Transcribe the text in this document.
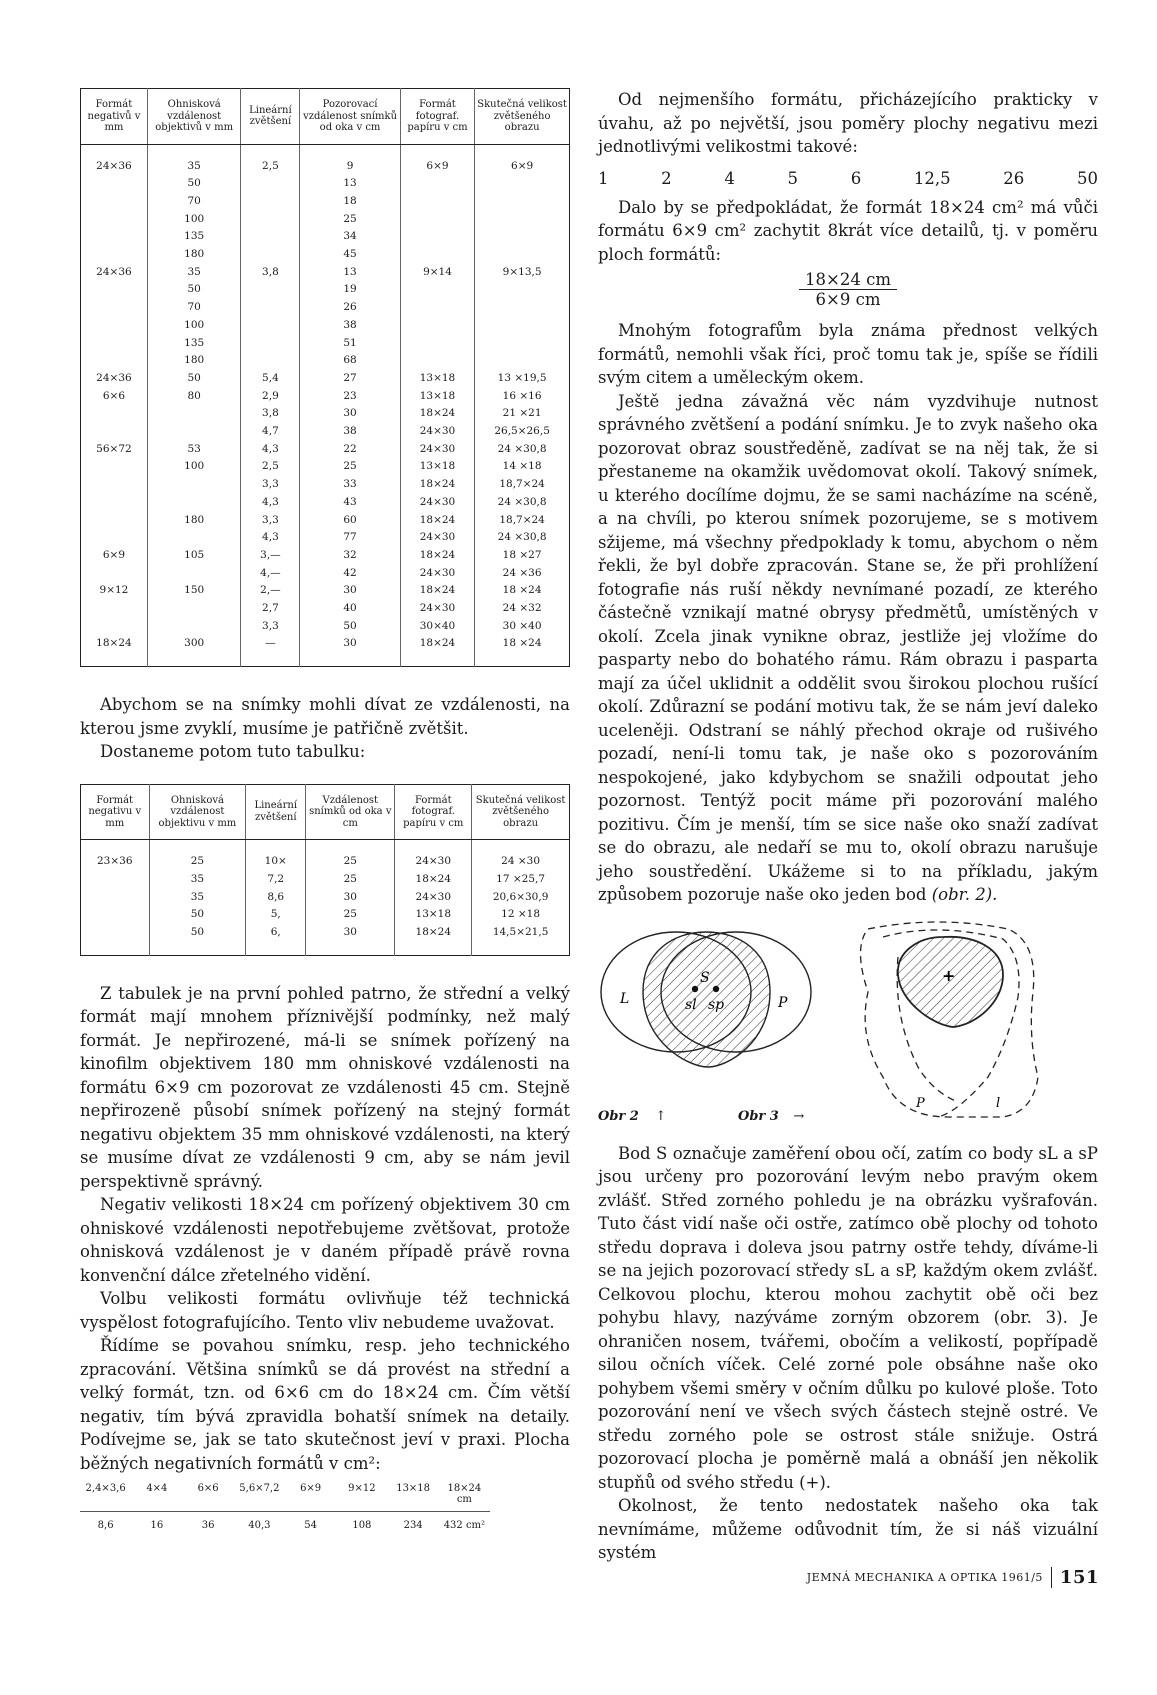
Formát negativů v mm	Ohnisková vzdálenost objektivů v mm	Lineární zvětšení	Pozorovací vzdálenost snímků od oka v cm	Formát fotograf. papíru v cm	Skutečná velikost zvětšeného obrazu

24×36	35	2,5	9	6×9	6×9
	50		13		
	70		18		
	100		25		
	135		34		
	180		45		
24×36	35	3,8	13	9×14	9×13,5
	50		19		
	70		26		
	100		38		
	135		51		
	180		68		
24×36	50	5,4	27	13×18	13 ×19,5
6×6	80	2,9	23	13×18	16 ×16
		3,8	30	18×24	21 ×21
		4,7	38	24×30	26,5×26,5
56×72	53	4,3	22	24×30	24 ×30,8
	100	2,5	25	13×18	14 ×18
		3,3	33	18×24	18,7×24
		4,3	43	24×30	24 ×30,8
	180	3,3	60	18×24	18,7×24
		4,3	77	24×30	24 ×30,8
6×9	105	3,—	32	18×24	18 ×27
		4,—	42	24×30	24 ×36
9×12	150	2,—	30	18×24	18 ×24
		2,7	40	24×30	24 ×32
		3,3	50	30×40	30 ×40
18×24	300	—	30	18×24	18 ×24

Abychom se na snímky mohli dívat ze vzdálenosti, na kterou jsme zvyklí, musíme je patřičně zvětšit.

Dostaneme potom tuto tabulku:

Formát negativu v mm	Ohnisková vzdálenost objektivu v mm	Lineární zvětšení	Vzdálenost snímků od oka v cm	Formát fotograf. papíru v cm	Skutečná velikost zvětšeného obrazu

23×36	25	10×	25	24×30	24 ×30
	35	7,2	25	18×24	17 ×25,7
	35	8,6	30	24×30	20,6×30,9
	50	5,	25	13×18	12 ×18
	50	6,	30	18×24	14,5×21,5

Z tabulek je na první pohled patrno, že střední a velký formát mají mnohem příznivější podmínky, než malý formát. Je nepřirozené, má-li se snímek pořízený na kinofilm objektivem 180 mm ohniskové vzdálenosti na formátu 6×9 cm pozorovat ze vzdálenosti 45 cm. Stejně nepřirozeně působí snímek pořízený na stejný formát negativu objektem 35 mm ohniskové vzdálenosti, na který se musíme dívat ze vzdálenosti 9 cm, aby se nám jevil perspektivně správný.

Negativ velikosti 18×24 cm pořízený objektivem 30 cm ohniskové vzdálenosti nepotřebujeme zvětšovat, protože ohnisková vzdálenost je v daném případě právě rovna konvenční dálce zřetelného vidění.

Volbu velikosti formátu ovlivňuje též technická vyspělost fotografujícího. Tento vliv nebudeme uvažovat.

Řídíme se povahou snímku, resp. jeho technického zpracování. Většina snímků se dá provést na střední a velký formát, tzn. od 6×6 cm do 18×24 cm. Čím větší negativ, tím bývá zpravidla bohatší snímek na detaily. Podívejme se, jak se tato skutečnost jeví v praxi. Plocha běžných negativních formátů v cm²:

2,4×3,6	4×4	6×6	5,6×7,2	6×9	9×12	13×18	18×24 cm
8,6	16	36	40,3	54	108	234	432 cm²

Od nejmenšího formátu, přicházejícího prakticky v úvahu, až po největší, jsou poměry plochy negativu mezi jednotlivými velikostmi takové:

1	2	4	5	6	12,5	26	50

Dalo by se předpokládat, že formát 18×24 cm² má vůči formátu 6×9 cm² zachytit 8krát více detailů, tj. v poměru ploch formátů:

18×24 cm
6×9 cm

Mnohým fotografům byla známa přednost velkých formátů, nemohli však říci, proč tomu tak je, spíše se řídili svým citem a uměleckým okem.

Ještě jedna závažná věc nám vyzdvihuje nutnost správného zvětšení a podání snímku. Je to zvyk našeho oka pozorovat obraz soustředěně, zadívat se na něj tak, že si přestaneme na okamžik uvědomovat okolí. Takový snímek, u kterého docílíme dojmu, že se sami nacházíme na scéně, a na chvíli, po kterou snímek pozorujeme, se s motivem sžijeme, má všechny předpoklady k tomu, abychom o něm řekli, že byl dobře zpracován. Stane se, že při prohlížení fotografie nás ruší někdy nevnímané pozadí, ze kterého částečně vznikají matné obrysy předmětů, umístěných v okolí. Zcela jinak vynikne obraz, jestliže jej vložíme do pasparty nebo do bohatého rámu. Rám obrazu i pasparta mají za účel uklidnit a oddělit svou širokou plochou rušící okolí. Zdůrazní se podání motivu tak, že se nám jeví daleko uceleněji. Odstraní se náhlý přechod okraje od rušivého pozadí, není-li tomu tak, je naše oko s pozorováním nespokojené, jako kdybychom se snažili odpoutat jeho pozornost. Tentýž pocit máme při pozorování malého pozitivu. Čím je menší, tím se sice naše oko snaží zadívat se do obrazu, ale nedaří se mu to, okolí obrazu narušuje jeho soustředění. Ukážeme si to na příkladu, jakým způsobem pozoruje naše oko jeden bod (obr. 2).

S
L	sl sp	P
+
P	l
Obr 2 ↑	Obr 3 →

Bod S označuje zaměření obou očí, zatím co body sL a sP jsou určeny pro pozorování levým nebo pravým okem zvlášť. Střed zorného pohledu je na obrázku vyšrafován. Tuto část vidí naše oči ostře, zatímco obě plochy od tohoto středu doprava i doleva jsou patrny ostře tehdy, díváme-li se na jejich pozorovací středy sL a sP, každým okem zvlášť. Celkovou plochu, kterou mohou zachytit obě oči bez pohybu hlavy, nazýváme zorným obzorem (obr. 3). Je ohraničen nosem, tvářemi, obočím a velikostí, popřípadě silou očních víček. Celé zorné pole obsáhne naše oko pohybem všemi směry v očním důlku po kulové ploše. Toto pozorování není ve všech svých částech stejně ostré. Ve středu zorného pole se ostrost stále snižuje. Ostrá pozorovací plocha je poměrně malá a obnáší jen několik stupňů od svého středu (+).

Okolnost, že tento nedostatek našeho oka tak nevnímáme, můžeme odůvodnit tím, že si náš vizuální systém

JEMNÁ MECHANIKA A OPTIKA 1961/5 151
